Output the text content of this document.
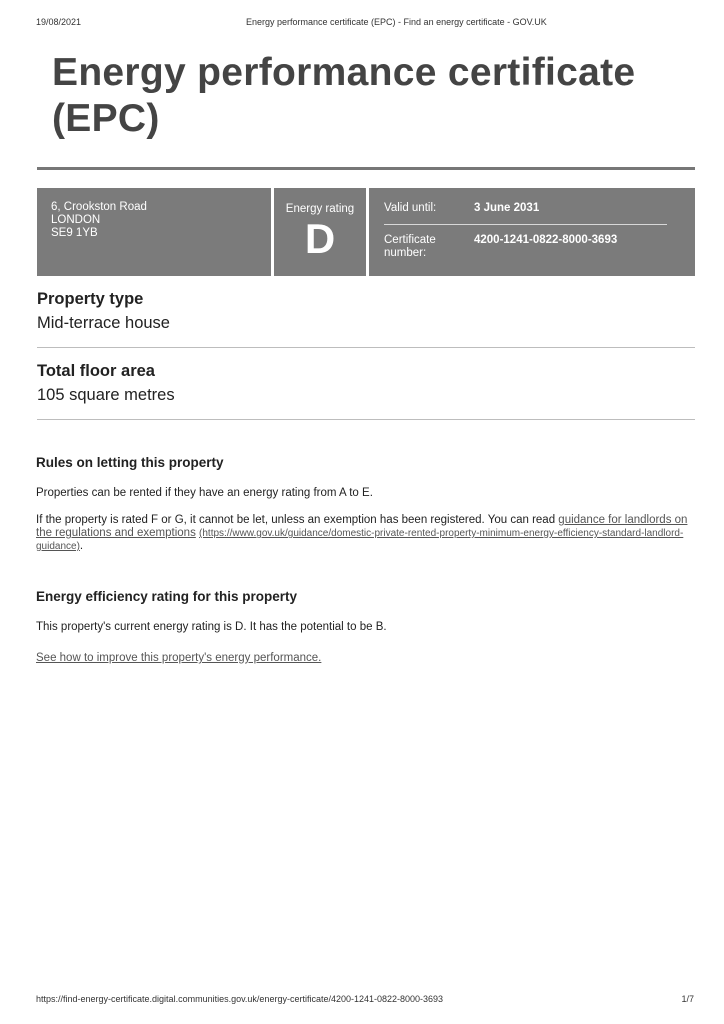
19/08/2021	Energy performance certificate (EPC) - Find an energy certificate - GOV.UK
Energy performance certificate (EPC)
6, Crookston Road
LONDON
SE9 1YB
Energy rating
D
Valid until:	3 June 2031
Certificate number:
4200-1241-0822-8000-3693
Property type
Mid-terrace house
Total floor area
105 square metres
Rules on letting this property
Properties can be rented if they have an energy rating from A to E.
If the property is rated F or G, it cannot be let, unless an exemption has been registered. You can read guidance for landlords on the regulations and exemptions (https://www.gov.uk/guidance/domestic-private-rented-property-minimum-energy-efficiency-standard-landlord-guidance).
Energy efficiency rating for this property
This property's current energy rating is D. It has the potential to be B.
See how to improve this property's energy performance.
https://find-energy-certificate.digital.communities.gov.uk/energy-certificate/4200-1241-0822-8000-3693	1/7
